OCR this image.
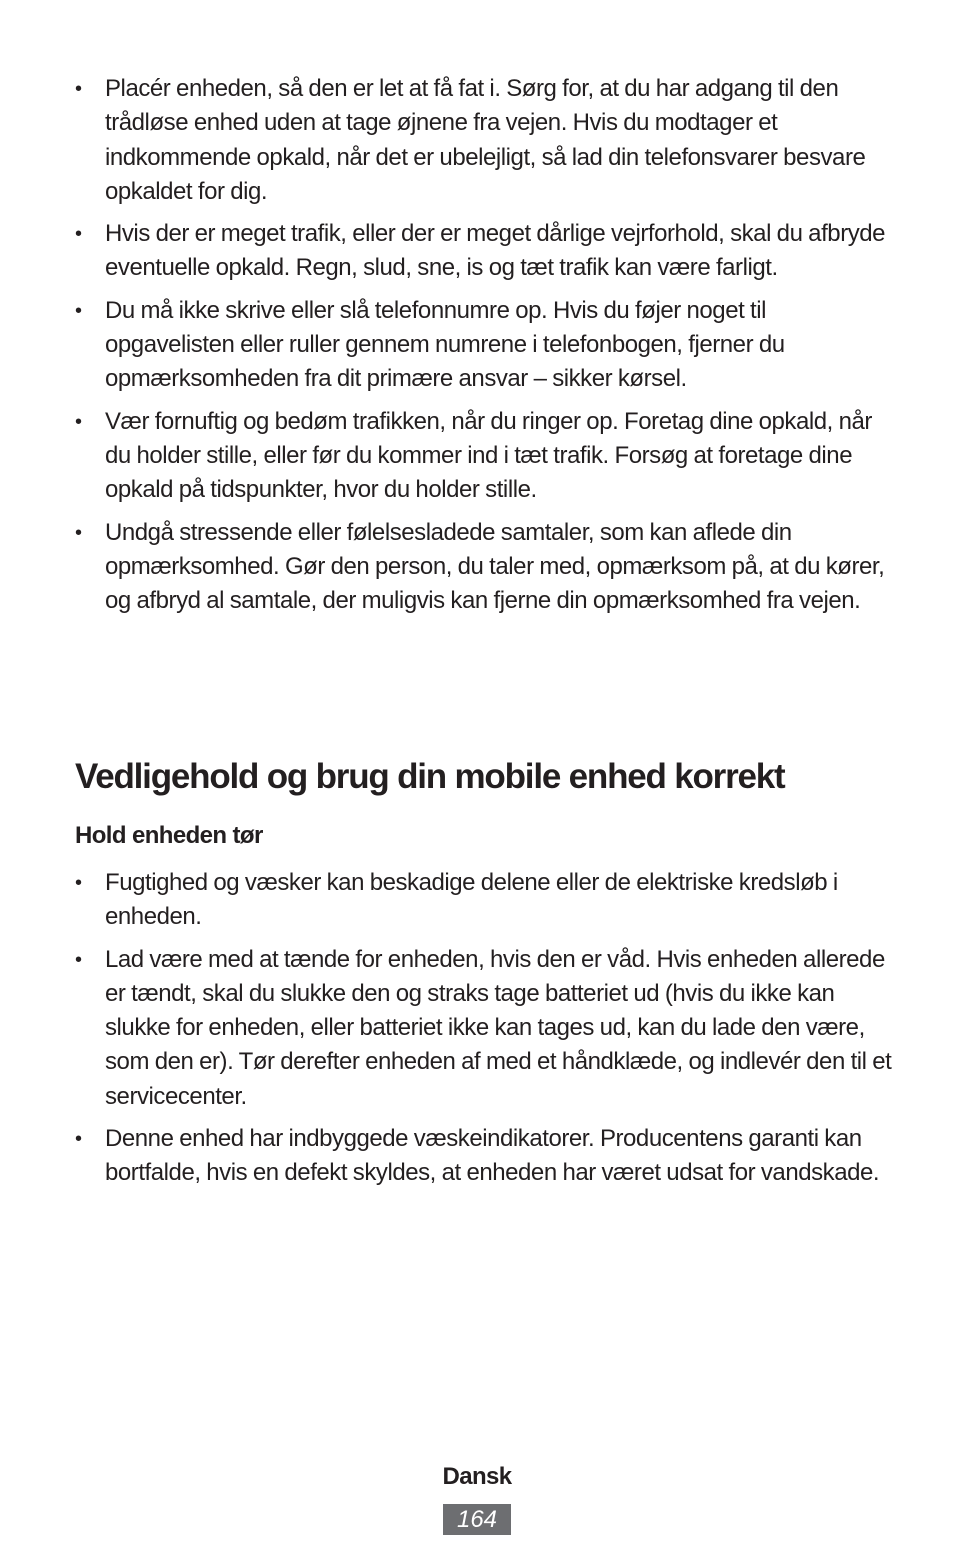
• Placér enheden, så den er let at få fat i. Sørg for, at du har adgang til den trådløse enhed uden at tage øjnene fra vejen. Hvis du modtager et indkommende opkald, når det er ubelejligt, så lad din telefonsvarer besvare opkaldet for dig.
• Hvis der er meget trafik, eller der er meget dårlige vejrforhold, skal du afbryde eventuelle opkald. Regn, slud, sne, is og tæt trafik kan være farligt.
• Du må ikke skrive eller slå telefonnumre op. Hvis du føjer noget til opgavelisten eller ruller gennem numrene i telefonbogen, fjerner du opmærksomheden fra dit primære ansvar – sikker kørsel.
• Vær fornuftig og bedøm trafikken, når du ringer op. Foretag dine opkald, når du holder stille, eller før du kommer ind i tæt trafik. Forsøg at foretage dine opkald på tidspunkter, hvor du holder stille.
• Undgå stressende eller følelsesladede samtaler, som kan aflede din opmærksomhed. Gør den person, du taler med, opmærksom på, at du kører, og afbryd al samtale, der muligvis kan fjerne din opmærksomhed fra vejen.
Vedligehold og brug din mobile enhed korrekt
Hold enheden tør
• Fugtighed og væsker kan beskadige delene eller de elektriske kredsløb i enheden.
• Lad være med at tænde for enheden, hvis den er våd. Hvis enheden allerede er tændt, skal du slukke den og straks tage batteriet ud (hvis du ikke kan slukke for enheden, eller batteriet ikke kan tages ud, kan du lade den være, som den er). Tør derefter enheden af med et håndklæde, og indlevér den til et servicecenter.
• Denne enhed har indbyggede væskeindikatorer. Producentens garanti kan bortfalde, hvis en defekt skyldes, at enheden har været udsat for vandskade.
Dansk
164
